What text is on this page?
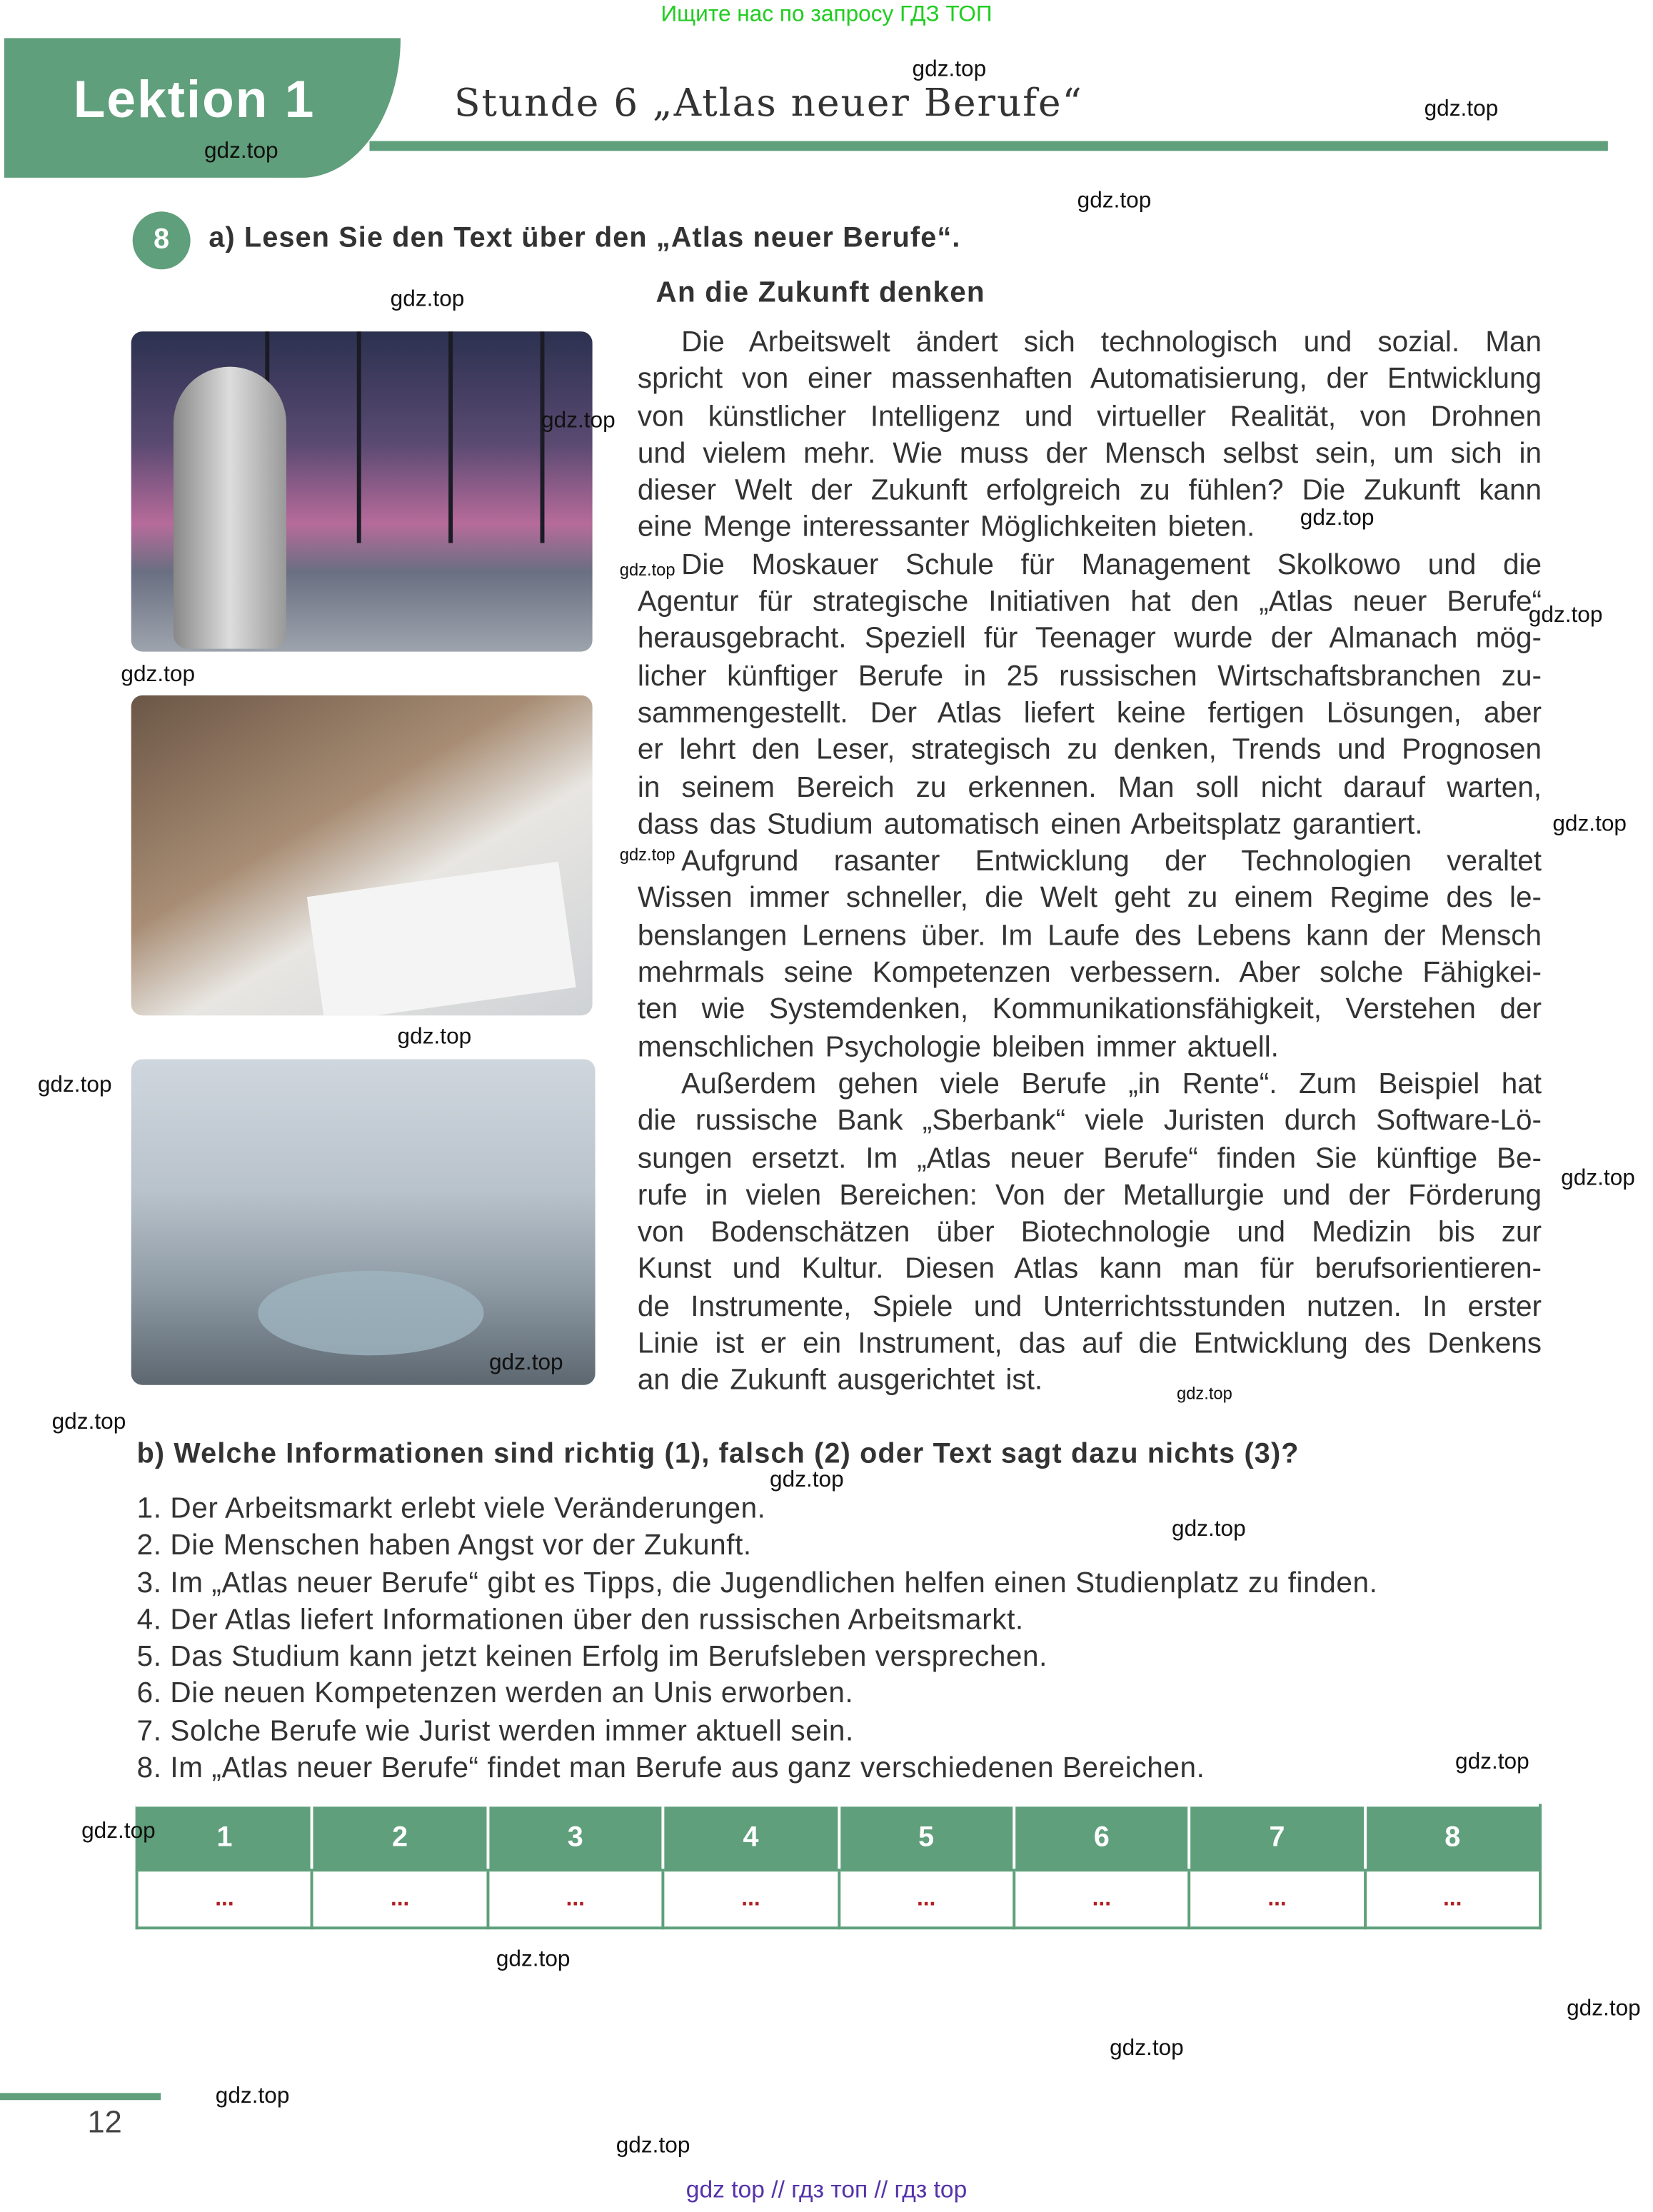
Ищите нас по запросу ГДЗ ТОП
Lektion 1	Stunde 6 „Atlas neuer Berufe“
8	a) Lesen Sie den Text über den „Atlas neuer Berufe“.
An die Zukunft denken
Die Arbeitswelt ändert sich technologisch und sozial. Man
spricht von einer massenhaften Automatisierung, der Entwicklung
von künstlicher Intelligenz und virtueller Realität, von Drohnen
und vielem mehr. Wie muss der Mensch selbst sein, um sich in
dieser Welt der Zukunft erfolgreich zu fühlen? Die Zukunft kann
eine Menge interessanter Möglichkeiten bieten.
Die Moskauer Schule für Management Skolkowo und die
Agentur für strategische Initiativen hat den „Atlas neuer Berufe“
herausgebracht. Speziell für Teenager wurde der Almanach mög-
licher künftiger Berufe in 25 russischen Wirtschaftsbranchen zu-
sammengestellt. Der Atlas liefert keine fertigen Lösungen, aber
er lehrt den Leser, strategisch zu denken, Trends und Prognosen
in seinem Bereich zu erkennen. Man soll nicht darauf warten,
dass das Studium automatisch einen Arbeitsplatz garantiert.
Aufgrund rasanter Entwicklung der Technologien veraltet
Wissen immer schneller, die Welt geht zu einem Regime des le-
benslangen Lernens über. Im Laufe des Lebens kann der Mensch
mehrmals seine Kompetenzen verbessern. Aber solche Fähigkei-
ten wie Systemdenken, Kommunikationsfähigkeit, Verstehen der
menschlichen Psychologie bleiben immer aktuell.
Außerdem gehen viele Berufe „in Rente“. Zum Beispiel hat
die russische Bank „Sberbank“ viele Juristen durch Software-Lö-
sungen ersetzt. Im „Atlas neuer Berufe“ finden Sie künftige Be-
rufe in vielen Bereichen: Von der Metallurgie und der Förderung
von Bodenschätzen über Biotechnologie und Medizin bis zur
Kunst und Kultur. Diesen Atlas kann man für berufsorientieren-
de Instrumente, Spiele und Unterrichtsstunden nutzen. In erster
Linie ist er ein Instrument, das auf die Entwicklung des Denkens
an die Zukunft ausgerichtet ist.
b) Welche Informationen sind richtig (1), falsch (2) oder Text sagt dazu nichts (3)?
1. Der Arbeitsmarkt erlebt viele Veränderungen.
2. Die Menschen haben Angst vor der Zukunft.
3. Im „Atlas neuer Berufe“ gibt es Tipps, die Jugendlichen helfen einen Studienplatz zu finden.
4. Der Atlas liefert Informationen über den russischen Arbeitsmarkt.
5. Das Studium kann jetzt keinen Erfolg im Berufsleben versprechen.
6. Die neuen Kompetenzen werden an Unis erworben.
7. Solche Berufe wie Jurist werden immer aktuell sein.
8. Im „Atlas neuer Berufe“ findet man Berufe aus ganz verschiedenen Bereichen.
1	2	3	4	5	6	7	8
...	...	...	...	...	...	...	...
12
gdz top // гдз топ // гдз top
gdz.top
gdz.top
gdz.top
gdz.top
gdz.top
gdz.top
gdz.top
gdz.top
gdz.top
gdz.top
gdz.top
gdz.top
gdz.top
gdz.top
gdz.top
gdz.top
gdz.top
gdz.top
gdz.top
gdz.top
gdz.top
gdz.top
gdz.top
gdz.top
gdz.top
gdz.top
gdz.top
